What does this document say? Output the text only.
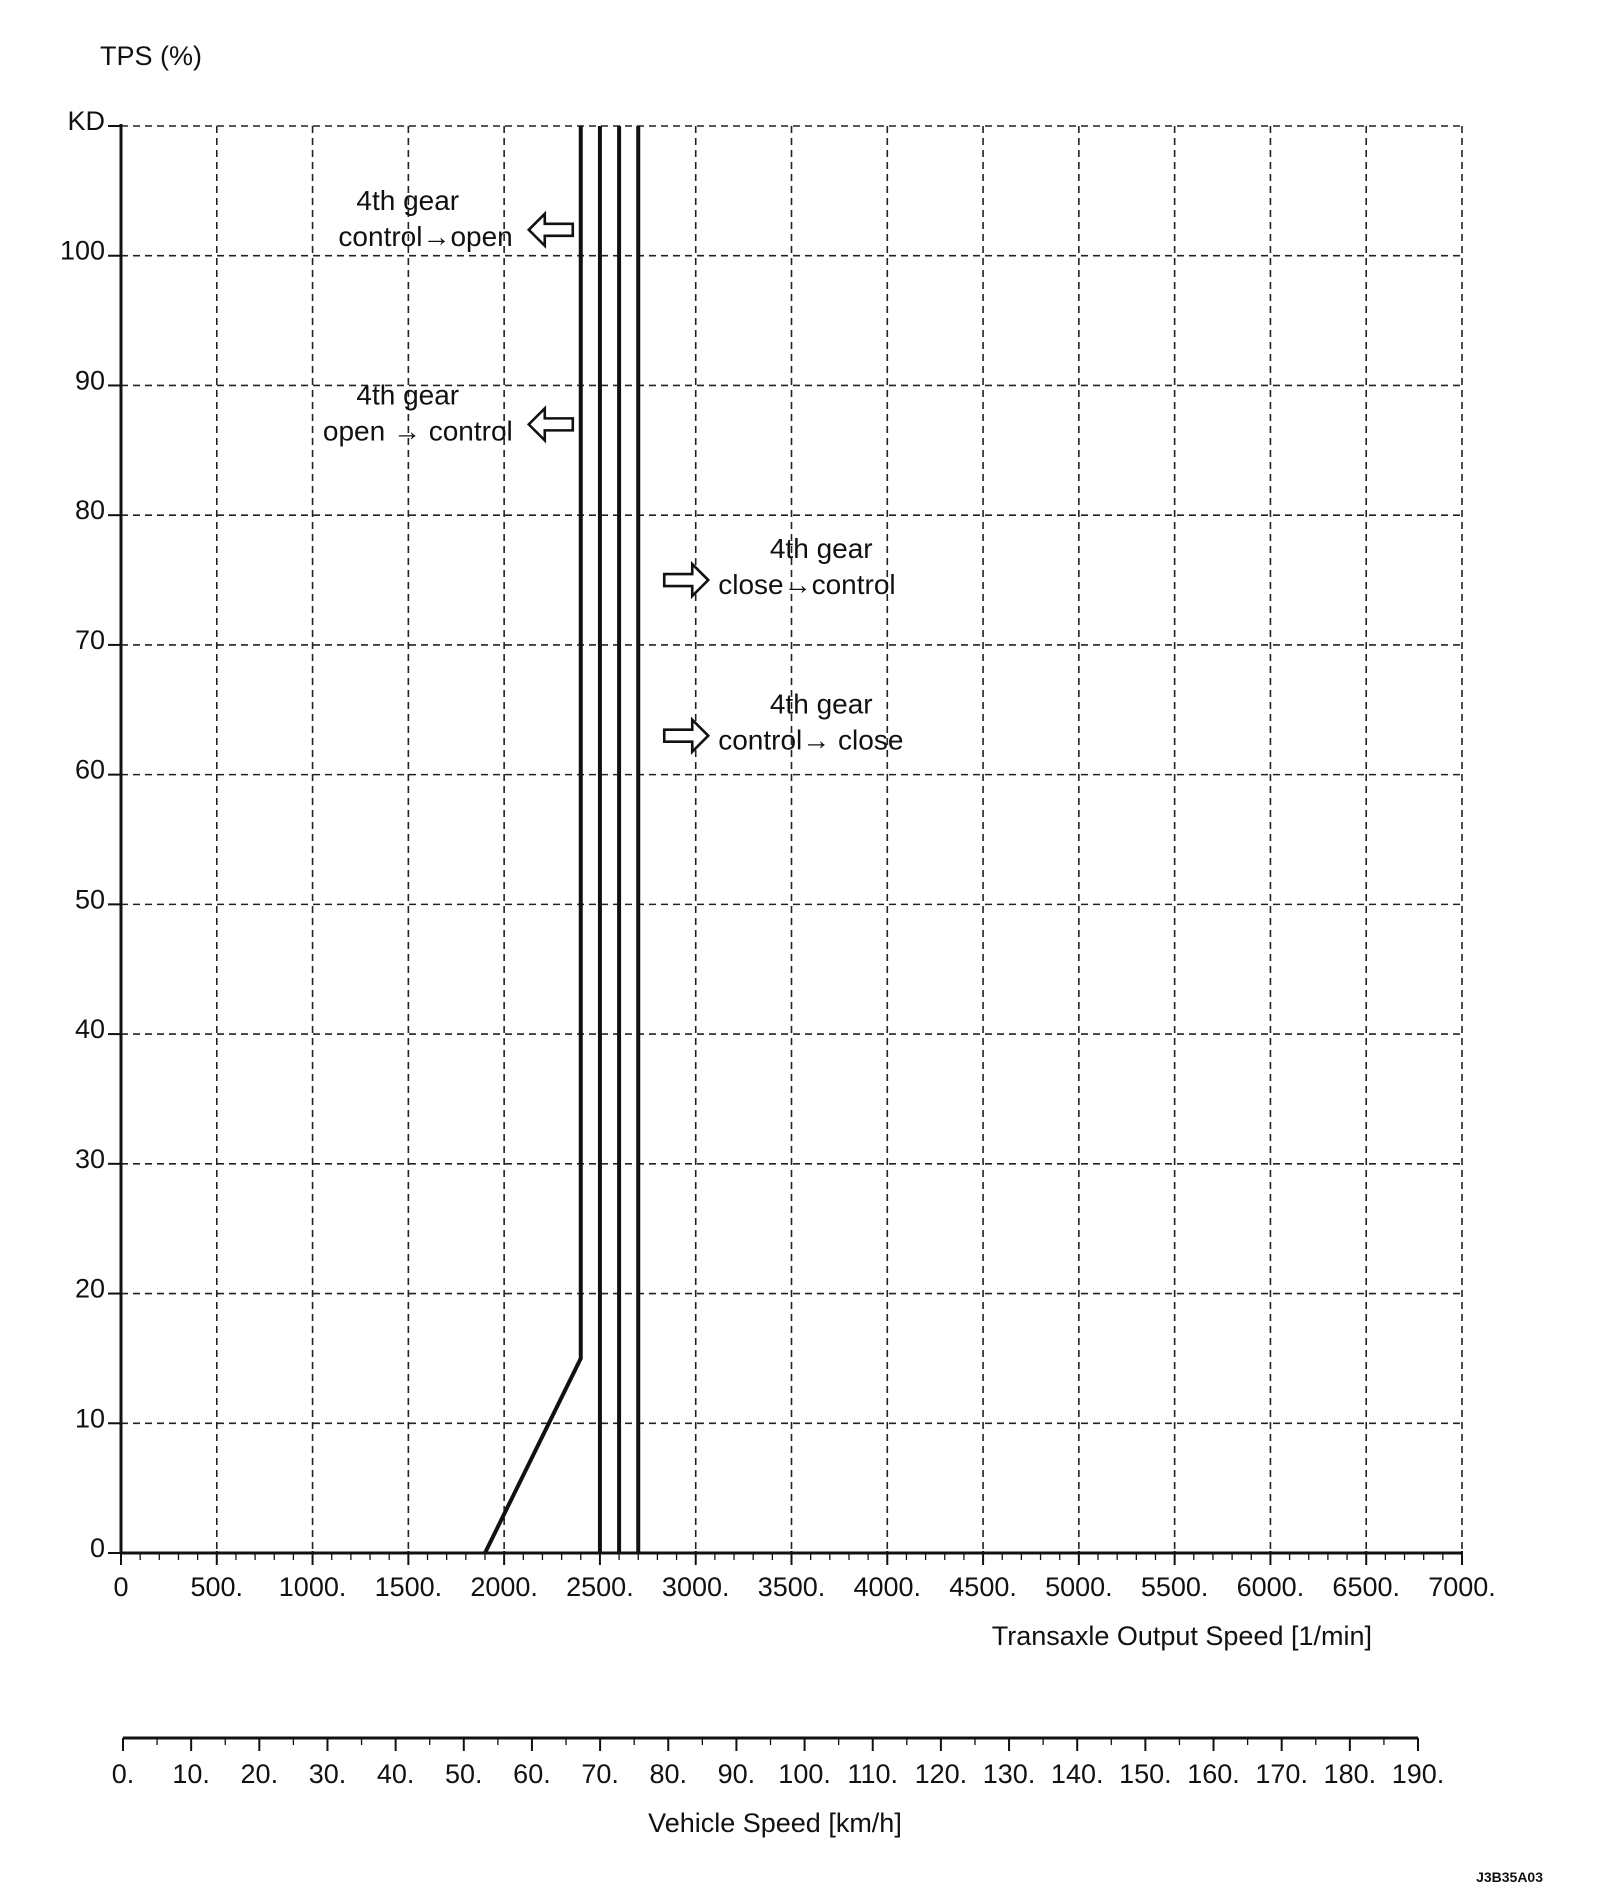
4th gear
control→open
4th gear
open → control
4th gear
close→control
4th gear
control→ close
0 500. 1000. 1500. 2000. 2500. 3000. 3500. 4000. 4500. 5000. 5500. 6000. 6500. 7000.
0
10
20
30
40
50
60
70
80
90
100
KD
0. 10. 20. 30. 40. 50. 60. 70. 80. 90. 100. 110. 120. 130. 140. 150. 160. 170. 180. 190.
TPS (%)
Transaxle Output Speed [1/min]
Vehicle Speed [km/h]
J3B35A03
